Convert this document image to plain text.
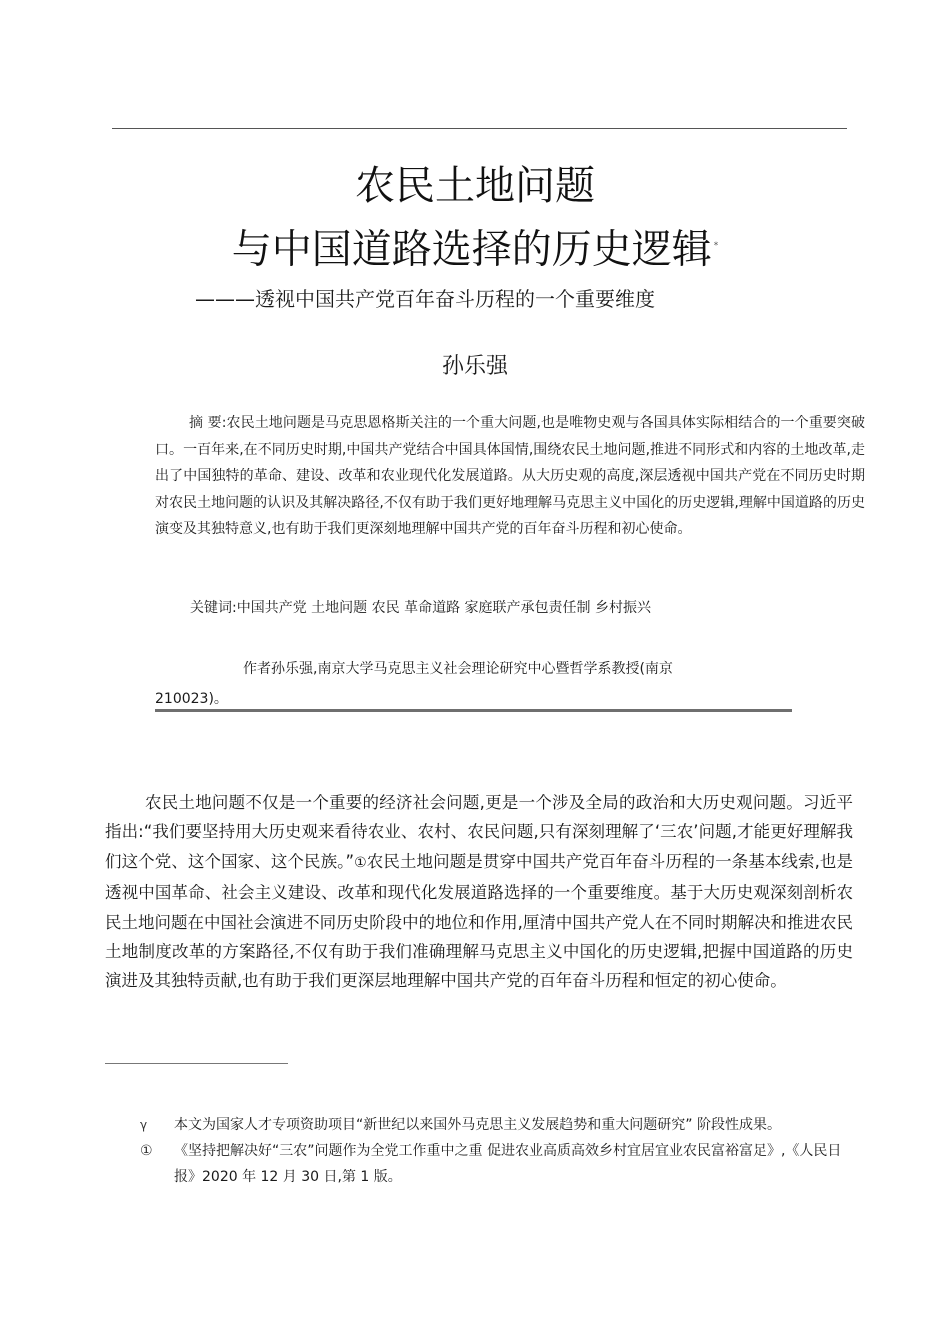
农民土地问题
与中国道路选择的历史逻辑 *
———透视中国共产党百年奋斗历程的一个重要维度
孙乐强

摘 要:农民土地问题是马克思恩格斯关注的一个重大问题,也是唯物史观与各国具体实际相结合的一个重要突破口。一百年来,在不同历史时期,中国共产党结合中国具体国情,围绕农民土地问题,推进不同形式和内容的土地改革,走出了中国独特的革命、建设、改革和农业现代化发展道路。从大历史观的高度,深层透视中国共产党在不同历史时期对农民土地问题的认识及其解决路径,不仅有助于我们更好地理解马克思主义中国化的历史逻辑,理解中国道路的历史演变及其独特意义,也有助于我们更深刻地理解中国共产党的百年奋斗历程和初心使命。

关键词:中国共产党 土地问题 农民 革命道路 家庭联产承包责任制 乡村振兴

作者孙乐强,南京大学马克思主义社会理论研究中心暨哲学系教授(南京

210023)。

农民土地问题不仅是一个重要的经济社会问题,更是一个涉及全局的政治和大历史观问题。习近平指出:“我们要坚持用大历史观来看待农业、农村、农民问题,只有深刻理解了‘三农’问题,才能更好理解我们这个党、这个国家、这个民族。”①农民土地问题是贯穿中国共产党百年奋斗历程的一条基本线索,也是透视中国革命、社会主义建设、改革和现代化发展道路选择的一个重要维度。基于大历史观深刻剖析农民土地问题在中国社会演进不同历史阶段中的地位和作用,厘清中国共产党人在不同时期解决和推进农民土地制度改革的方案路径,不仅有助于我们准确理解马克思主义中国化的历史逻辑,把握中国道路的历史演进及其独特贡献,也有助于我们更深层地理解中国共产党的百年奋斗历程和恒定的初心使命。

γ	本文为国家人才专项资助项目“新世纪以来国外马克思主义发展趋势和重大问题研究” 阶段性成果。

①	《坚持把解决好“三农”问题作为全党工作重中之重 促进农业高质高效乡村宜居宜业农民富裕富足》,《人民日报》2020 年 12 月 30 日,第 1 版。
